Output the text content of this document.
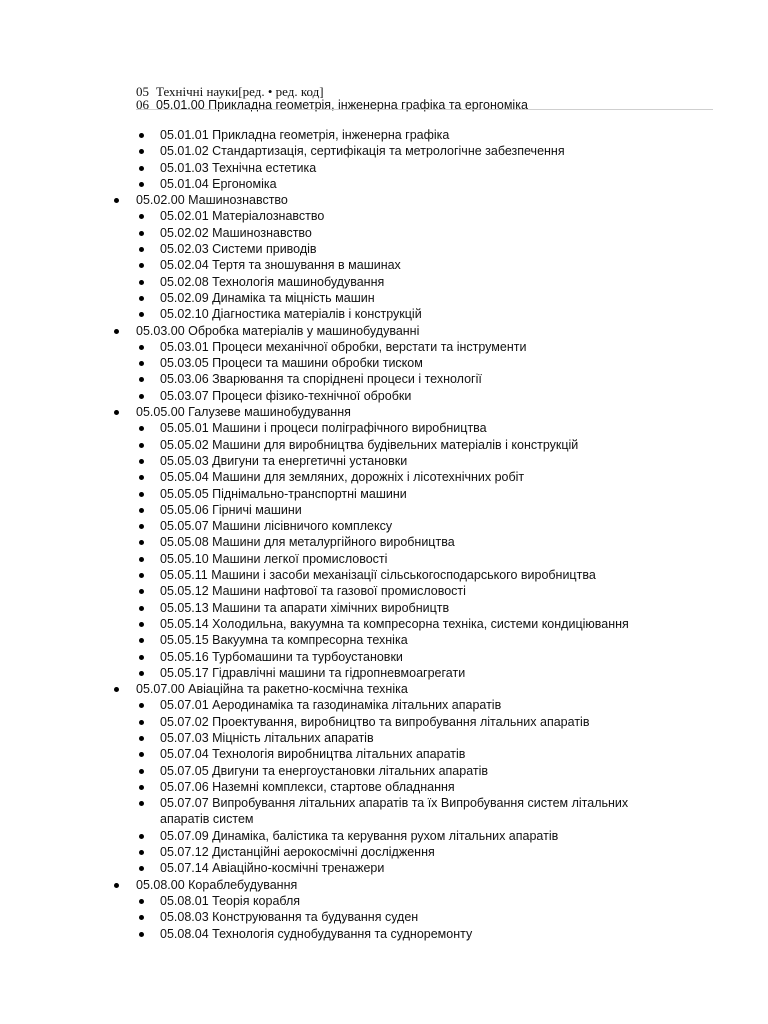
05 Технічні науки[ред. • ред. код]
06 05.01.00 Прикладна геометрія, інженерна графіка та ергономіка
05.01.01 Прикладна геометрія, інженерна графіка
05.01.02 Стандартизація, сертифікація та метрологічне забезпечення
05.01.03 Технічна естетика
05.01.04 Ергономіка
05.02.00 Машинознавство
05.02.01 Матеріалознавство
05.02.02 Машинознавство
05.02.03 Системи приводів
05.02.04 Тертя та зношування в машинах
05.02.08 Технологія машинобудування
05.02.09 Динаміка та міцність машин
05.02.10 Діагностика матеріалів і конструкцій
05.03.00 Обробка матеріалів у машинобудуванні
05.03.01 Процеси механічної обробки, верстати та інструменти
05.03.05 Процеси та машини обробки тиском
05.03.06 Зварювання та споріднені процеси і технології
05.03.07 Процеси фізико-технічної обробки
05.05.00 Галузеве машинобудування
05.05.01 Машини і процеси поліграфічного виробництва
05.05.02 Машини для виробництва будівельних матеріалів і конструкцій
05.05.03 Двигуни та енергетичні установки
05.05.04 Машини для земляних, дорожніх і лісотехнічних робіт
05.05.05 Піднімально-транспортні машини
05.05.06 Гірничі машини
05.05.07 Машини лісівничого комплексу
05.05.08 Машини для металургійного виробництва
05.05.10 Машини легкої промисловості
05.05.11 Машини і засоби механізації сільськогосподарського виробництва
05.05.12 Машини нафтової та газової промисловості
05.05.13 Машини та апарати хімічних виробництв
05.05.14 Холодильна, вакуумна та компресорна техніка, системи кондиціювання
05.05.15 Вакуумна та компресорна техніка
05.05.16 Турбомашини та турбоустановки
05.05.17 Гідравлічні машини та гідропневмоагрегати
05.07.00 Авіаційна та ракетно-космічна техніка
05.07.01 Аеродинаміка та газодинаміка літальних апаратів
05.07.02 Проектування, виробництво та випробування літальних апаратів
05.07.03 Міцність літальних апаратів
05.07.04 Технологія виробництва літальних апаратів
05.07.05 Двигуни та енергоустановки літальних апаратів
05.07.06 Наземні комплекси, стартове обладнання
05.07.07 Випробування літальних апаратів та їх Випробування систем літальних апаратів систем
05.07.09 Динаміка, балістика та керування рухом літальних апаратів
05.07.12 Дистанційні аерокосмічні дослідження
05.07.14 Авіаційно-космічні тренажери
05.08.00 Кораблебудування
05.08.01 Теорія корабля
05.08.03 Конструювання та будування суден
05.08.04 Технологія суднобудування та судноремонту
